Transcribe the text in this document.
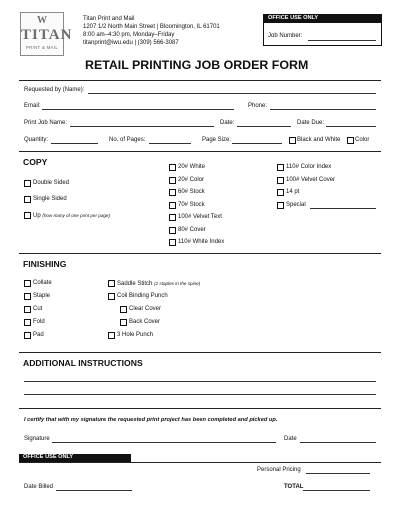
W
TITAN
PRINT & MAIL
Titan Print and Mail
1207 1/2 North Main Street | Bloomington, IL 61701
8:00 am–4:30 pm, Monday–Friday
titanprint@iwu.edu | (309) 566-3087
OFFICE USE ONLY
Job Number:
RETAIL PRINTING JOB ORDER FORM
Requested by (Name):
Email:	Phone:
Print Job Name:	Date:	Date Due:
Quantity:	No. of Pages:	Page Size:	Black and White Color
COPY
Double Sided
Single Sided
Up (how many of one print per page)
20# White
20# Color
60# Stock
70# Stock
100# Velvet Text
80# Cover
110# White Index
110# Color Index
100# Velvet Cover
14 pt
Special
FINISHING
Collate
Staple
Cut
Fold
Pad
Saddle Stitch (2 staples in the spine)
Coil Binding Punch
Clear Cover
Back Cover
3 Hole Punch
ADDITIONAL INSTRUCTIONS
I certify that with my signature the requested print project has been completed and picked up.
Signature	Date
OFFICE USE ONLY
Personal Pricing
Date Billed	TOTAL
